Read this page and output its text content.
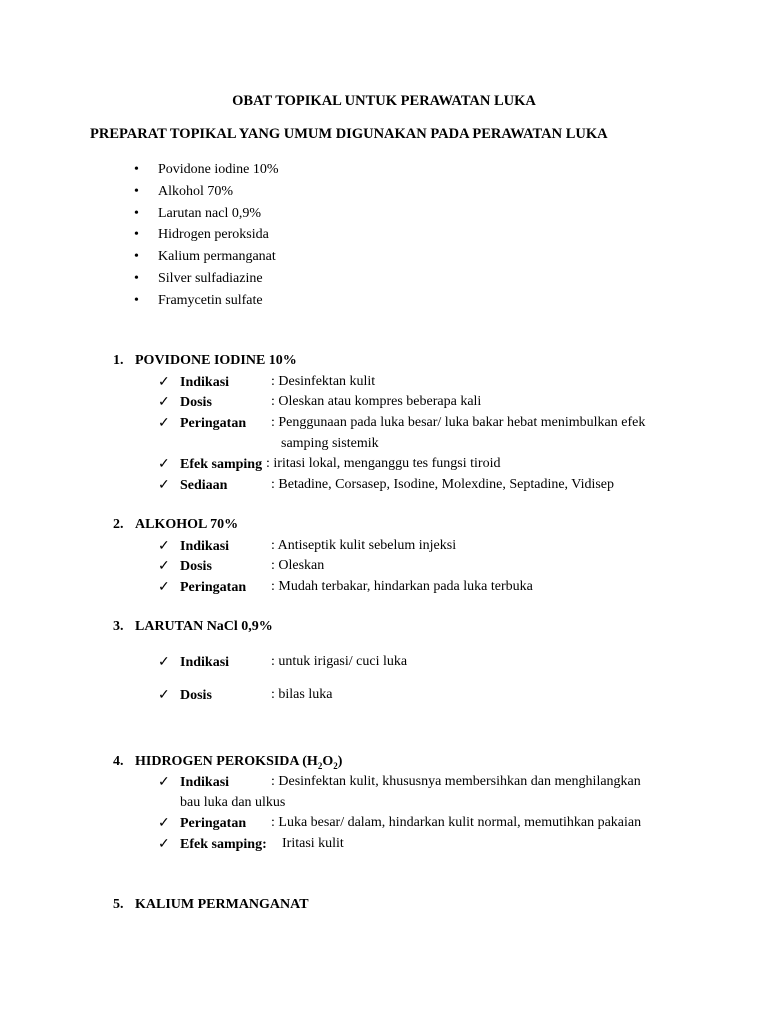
OBAT TOPIKAL UNTUK PERAWATAN LUKA
PREPARAT TOPIKAL YANG UMUM DIGUNAKAN PADA PERAWATAN LUKA
• Povidone iodine 10%
• Alkohol 70%
• Larutan nacl 0,9%
• Hidrogen peroksida
• Kalium permanganat
• Silver sulfadiazine
• Framycetin sulfate
1. POVIDONE IODINE 10%
✓ Indikasi	: Desinfektan kulit
✓ Dosis	: Oleskan atau kompres beberapa kali
✓ Peringatan : Penggunaan pada luka besar/ luka bakar hebat menimbulkan efek
samping sistemik
✓ Efek samping : iritasi lokal, menganggu tes fungsi tiroid
✓ Sediaan	: Betadine, Corsasep, Isodine, Molexdine, Septadine, Vidisep
2. ALKOHOL 70%
✓ Indikasi	: Antiseptik kulit sebelum injeksi
✓ Dosis	: Oleskan
✓ Peringatan : Mudah terbakar, hindarkan pada luka terbuka
3. LARUTAN NaCl 0,9%
✓ Indikasi	: untuk irigasi/ cuci luka
✓ Dosis	: bilas luka
4. HIDROGEN PEROKSIDA $(H_2O_2)$
✓ Indikasi	: Desinfektan kulit, khususnya membersihkan dan menghilangkan
bau luka dan ulkus
✓ Peringatan : Luka besar/ dalam, hindarkan kulit normal, memutihkan pakaian
✓ Efek samping: Iritasi kulit
5. KALIUM PERMANGANAT
